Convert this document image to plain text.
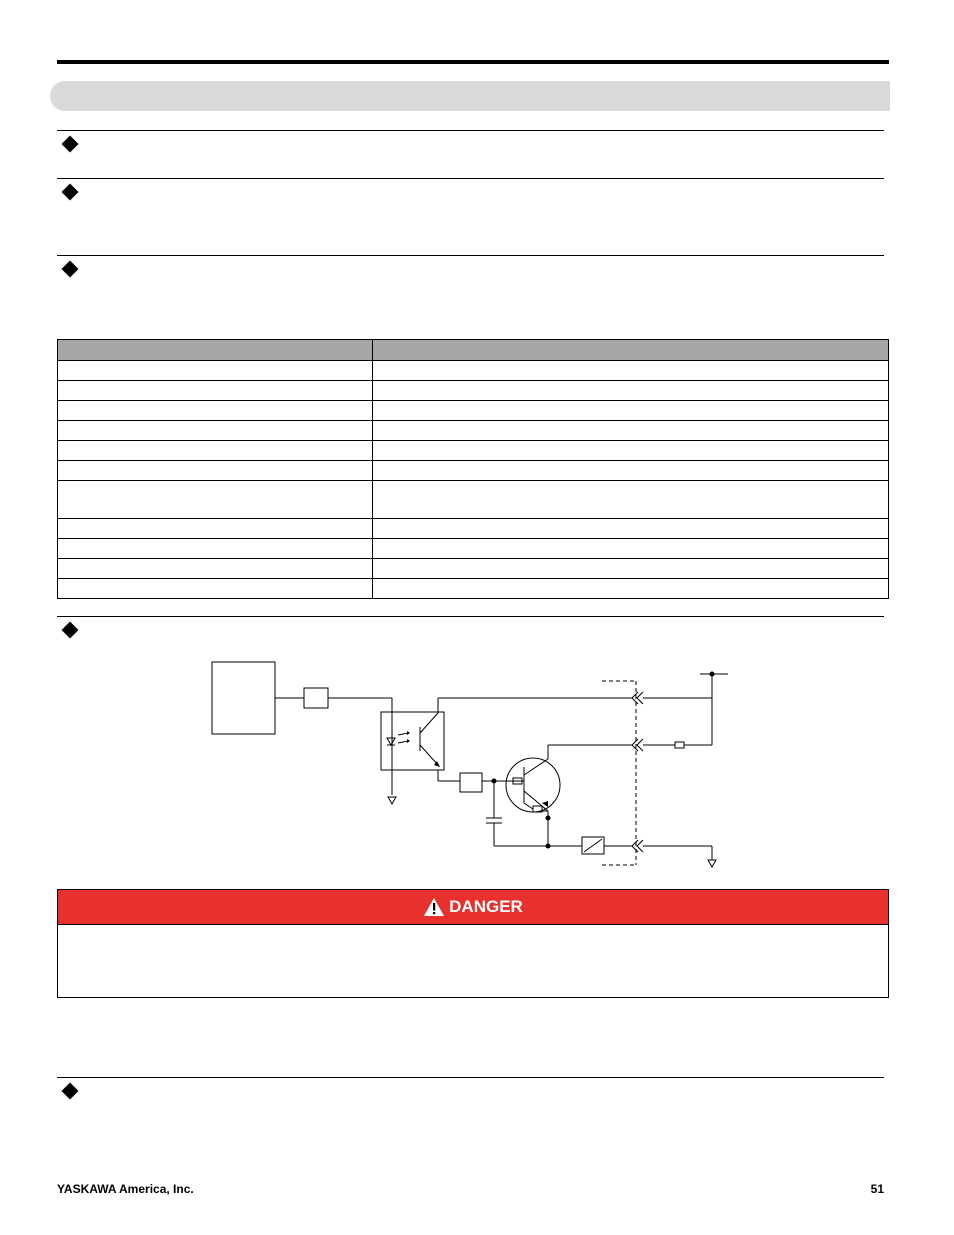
DANGER
YASKAWA America, Inc.	51
